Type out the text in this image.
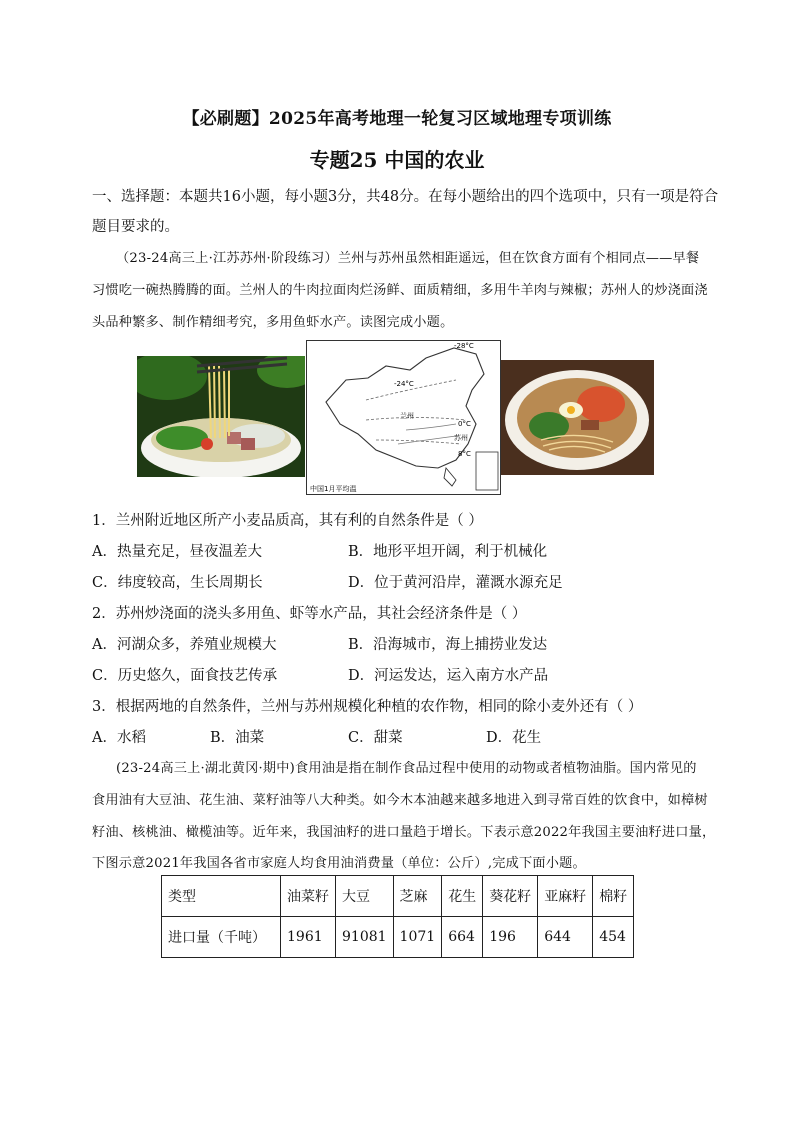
【必刷题】2025年高考地理一轮复习区域地理专项训练
专题25 中国的农业
一、选择题：本题共16小题，每小题3分，共48分。在每小题给出的四个选项中，只有一项是符合
题目要求的。
（23-24高三上·江苏苏州·阶段练习）兰州与苏州虽然相距遥远，但在饮食方面有个相同点——早餐
习惯吃一碗热腾腾的面。兰州人的牛肉拉面肉烂汤鲜、面质精细，多用牛羊肉与辣椒；苏州人的炒浇面浇
头品种繁多、制作精细考究，多用鱼虾水产。读图完成小题。
-28°C
-24°C
兰州
0°C
苏州
8°C
中国1月平均温
1．兰州附近地区所产小麦品质高，其有利的自然条件是（ ）
A．热量充足，昼夜温差大	B．地形平坦开阔，利于机械化
C．纬度较高，生长周期长	D．位于黄河沿岸，灌溉水源充足
2．苏州炒浇面的浇头多用鱼、虾等水产品，其社会经济条件是（ ）
A．河湖众多，养殖业规模大	B．沿海城市，海上捕捞业发达
C．历史悠久，面食技艺传承	D．河运发达，运入南方水产品
3．根据两地的自然条件，兰州与苏州规模化种植的农作物，相同的除小麦外还有（ ）
A．水稻	B．油菜	C．甜菜	D．花生
(23-24高三上·湖北黄冈·期中)食用油是指在制作食品过程中使用的动物或者植物油脂。国内常见的
食用油有大豆油、花生油、菜籽油等八大种类。如今木本油越来越多地进入到寻常百姓的饮食中，如樟树
籽油、核桃油、橄榄油等。近年来，我国油籽的进口量趋于增长。下表示意2022年我国主要油籽进口量，
下图示意2021年我国各省市家庭人均食用油消费量（单位：公斤）,完成下面小题。
类型	油菜籽	大豆	芝麻	花生	葵花籽	亚麻籽	棉籽
进口量（千吨）	1961	91081	1071	664	196	644	454
